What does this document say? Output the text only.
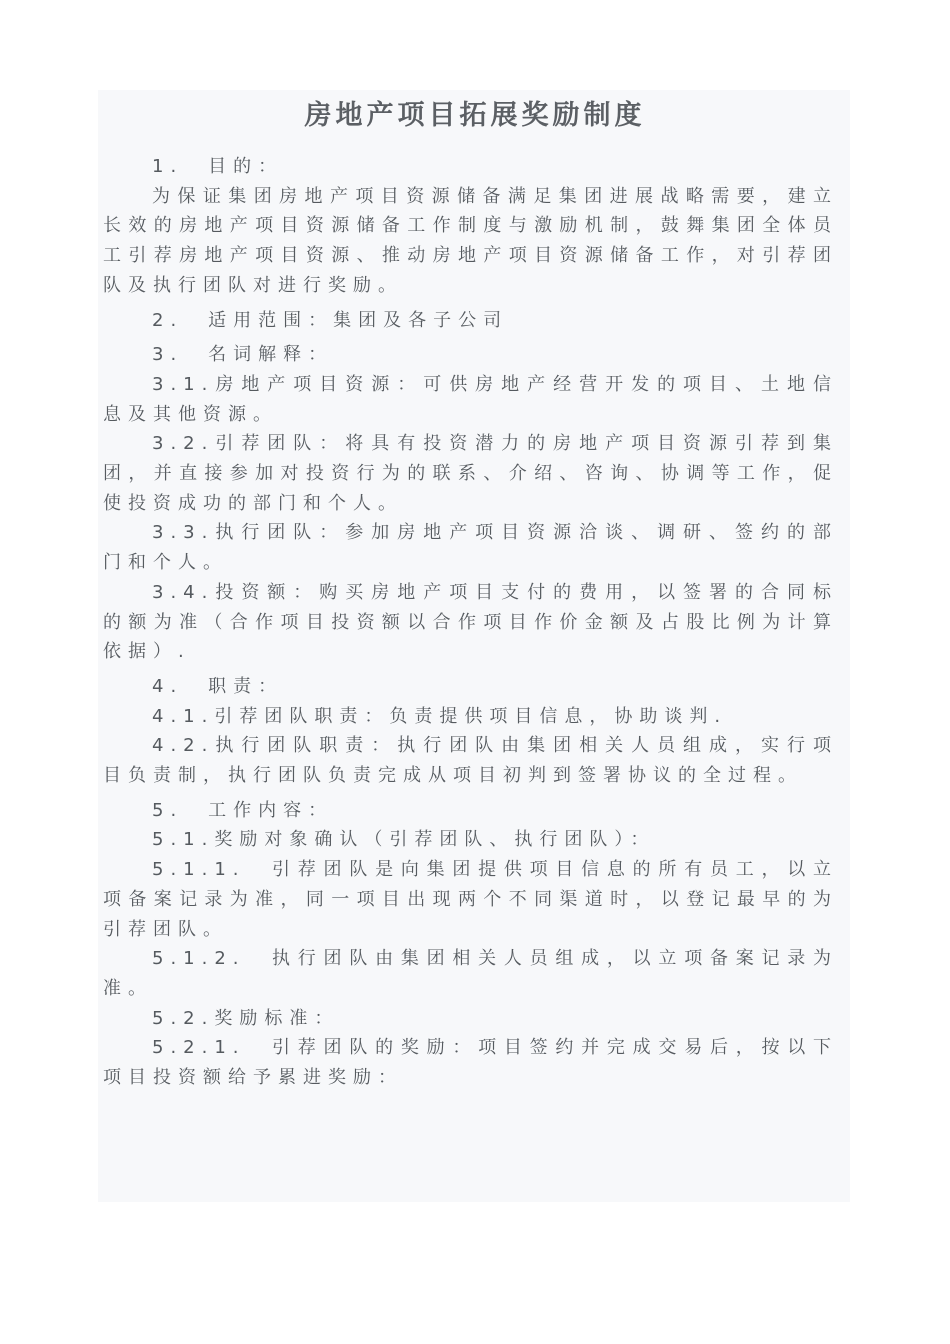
房地产项目拓展奖励制度

1.　目的：

为保证集团房地产项目资源储备满足集团进展战略需要，建立长效的房地产项目资源储备工作制度与激励机制，鼓舞集团全体员工引荐房地产项目资源、推动房地产项目资源储备工作，对引荐团队及执行团队对进行奖励。

2.　适用范围：集团及各子公司

3.　名词解释：

3.1.房地产项目资源：可供房地产经营开发的项目、土地信息及其他资源。

3.2.引荐团队：将具有投资潜力的房地产项目资源引荐到集团，并直接参加对投资行为的联系、介绍、咨询、协调等工作，促使投资成功的部门和个人。

3.3.执行团队：参加房地产项目资源洽谈、调研、签约的部门和个人。

3.4.投资额：购买房地产项目支付的费用，以签署的合同标的额为准（合作项目投资额以合作项目作价金额及占股比例为计算依据）.

4.　职责：

4.1.引荐团队职责：负责提供项目信息，协助谈判.

4.2.执行团队职责：执行团队由集团相关人员组成，实行项目负责制，执行团队负责完成从项目初判到签署协议的全过程。

5.　工作内容：

5.1.奖励对象确认（引荐团队、执行团队）：

5.1.1.　引荐团队是向集团提供项目信息的所有员工，以立项备案记录为准，同一项目出现两个不同渠道时，以登记最早的为引荐团队。

5.1.2.　执行团队由集团相关人员组成，以立项备案记录为准。

5.2.奖励标准：

5.2.1.　引荐团队的奖励：项目签约并完成交易后，按以下项目投资额给予累进奖励：
